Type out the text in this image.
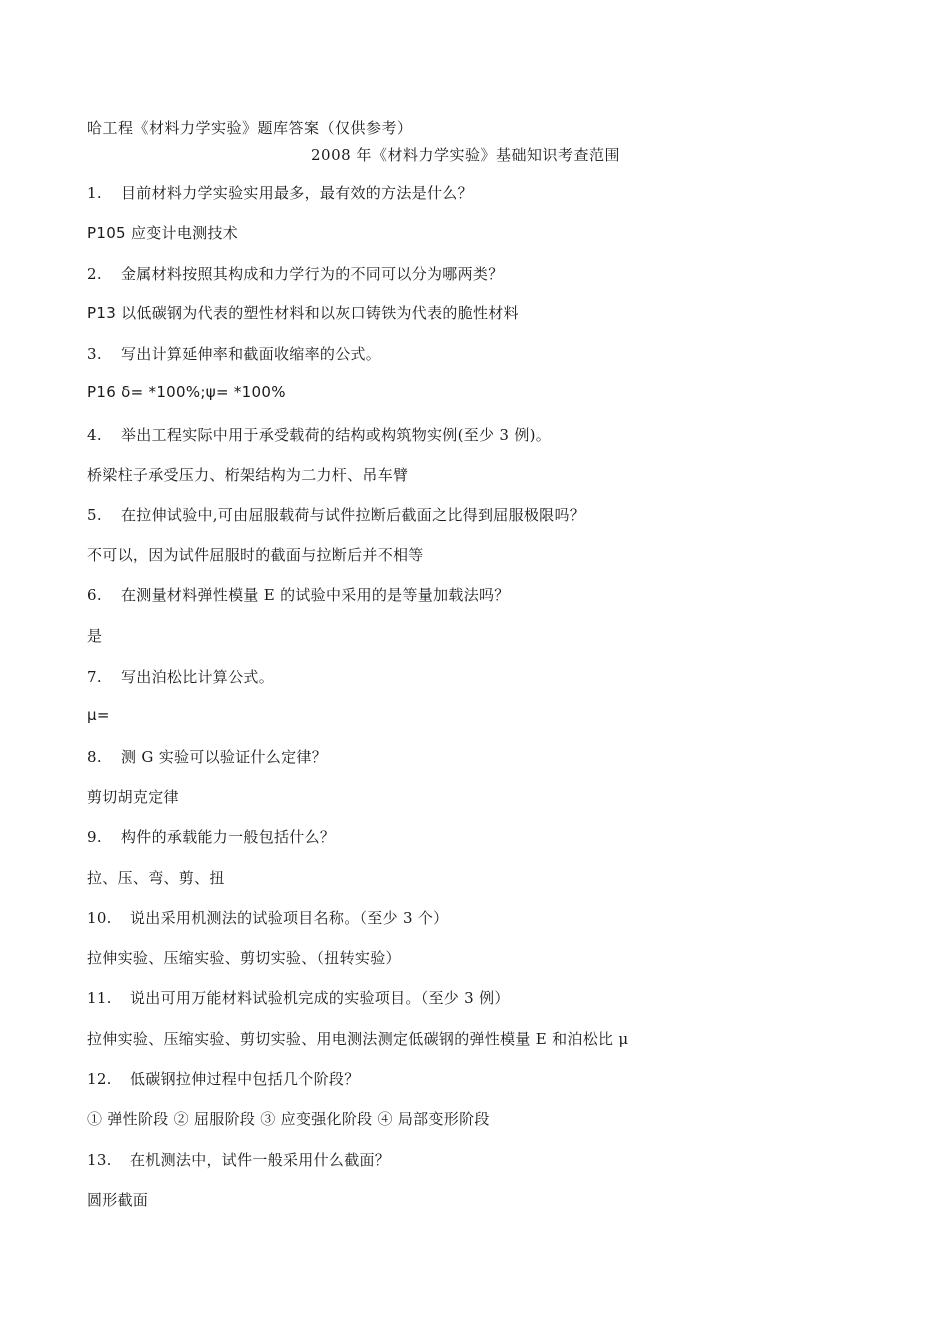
哈工程《材料力学实验》题库答案（仅供参考）
2008 年《材料力学实验》基础知识考查范围
1. 目前材料力学实验实用最多，最有效的方法是什么？
P105 应变计电测技术
2. 金属材料按照其构成和力学行为的不同可以分为哪两类？
P13 以低碳钢为代表的塑性材料和以灰口铸铁为代表的脆性材料
3. 写出计算延伸率和截面收缩率的公式。
P16 δ= *100%;ψ= *100%
4. 举出工程实际中用于承受载荷的结构或构筑物实例(至少 3 例)。
桥梁柱子承受压力、桁架结构为二力杆、吊车臂
5. 在拉伸试验中,可由屈服载荷与试件拉断后截面之比得到屈服极限吗？
不可以，因为试件屈服时的截面与拉断后并不相等
6. 在测量材料弹性模量 E 的试验中采用的是等量加载法吗？
是
7. 写出泊松比计算公式。
μ=
8. 测 G 实验可以验证什么定律？
剪切胡克定律
9. 构件的承载能力一般包括什么？
拉、压、弯、剪、扭
10. 说出采用机测法的试验项目名称。（至少 3 个）
拉伸实验、压缩实验、剪切实验、（扭转实验）
11. 说出可用万能材料试验机完成的实验项目。（至少 3 例）
拉伸实验、压缩实验、剪切实验、用电测法测定低碳钢的弹性模量 E 和泊松比 μ
12. 低碳钢拉伸过程中包括几个阶段？
① 弹性阶段 ② 屈服阶段 ③ 应变强化阶段 ④ 局部变形阶段
13. 在机测法中，试件一般采用什么截面？
圆形截面
